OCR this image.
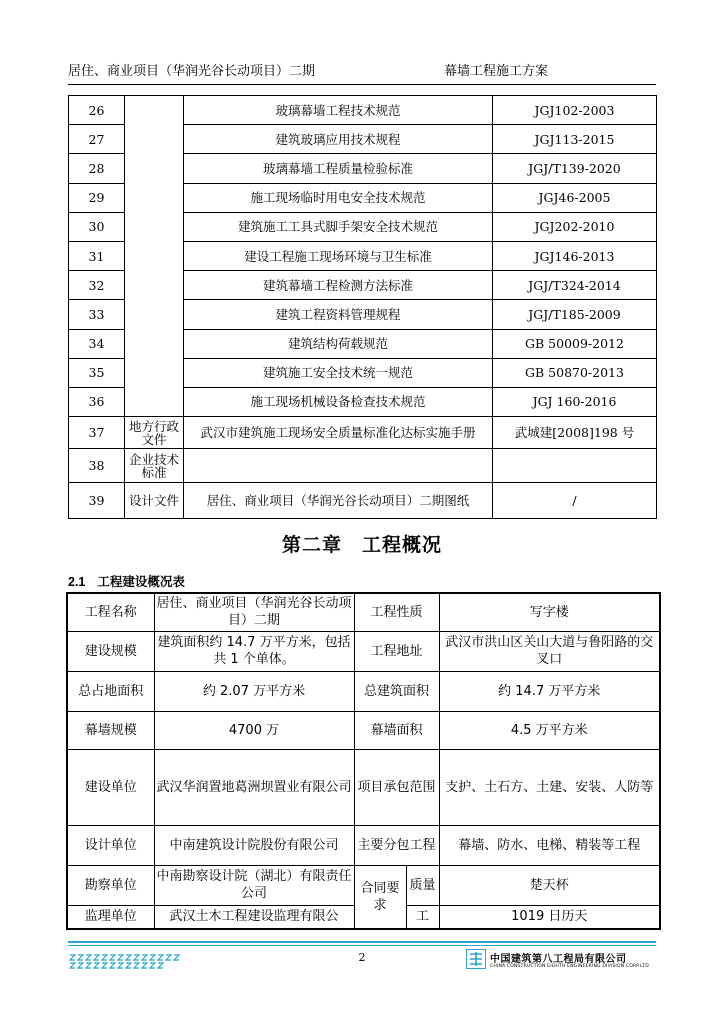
居住、商业项目（华润光谷长动项目）二期	幕墙工程施工方案
26		玻璃幕墙工程技术规范	JGJ102-2003
27		建筑玻璃应用技术规程	JGJ113-2015
28		玻璃幕墙工程质量检验标准	JGJ/T139-2020
29		施工现场临时用电安全技术规范	JGJ46-2005
30		建筑施工工具式脚手架安全技术规范	JGJ202-2010
31		建设工程施工现场环境与卫生标准	JGJ146-2013
32		建筑幕墙工程检测方法标准	JGJ/T324-2014
33		建筑工程资料管理规程	JGJ/T185-2009
34		建筑结构荷载规范	GB 50009-2012
35		建筑施工安全技术统一规范	GB 50870-2013
36		施工现场机械设备检查技术规范	JGJ 160-2016
37	地方行政文件	武汉市建筑施工现场安全质量标准化达标实施手册	武城建[2008]198 号
38	企业技术标准		
39	设计文件	居住、商业项目（华润光谷长动项目）二期图纸	/
第二章　工程概况
2.1 工程建设概况表
工程名称	居住、商业项目（华润光谷长动项目）二期	工程性质		写字楼
建设规模	建筑面积约 14.7 万平方米，包括共 1 个单体。	工程地址		武汉市洪山区关山大道与鲁阳路的交叉口
总占地面积	约 2.07 万平方米	总建筑面积		约 14.7 万平方米
幕墙规模	4700 万	幕墙面积		4.5 万平方米
建设单位	武汉华润置地葛洲坝置业有限公司	项目承包范围		支护、土石方、土建、安装、人防等
设计单位	中南建筑设计院股份有限公司	主要分包工程		幕墙、防水、电梯、精装等工程
勘察单位	中南勘察设计院（湖北）有限责任公司	合同要求	质量	楚天杯
监理单位	武汉土木工程建设监理有限公		工	1019 日历天
2	中国建筑第八工程局有限公司
CHINA CONSTRUCTION EIGHTH ENGINEERING DIVISION CORP.LTD
